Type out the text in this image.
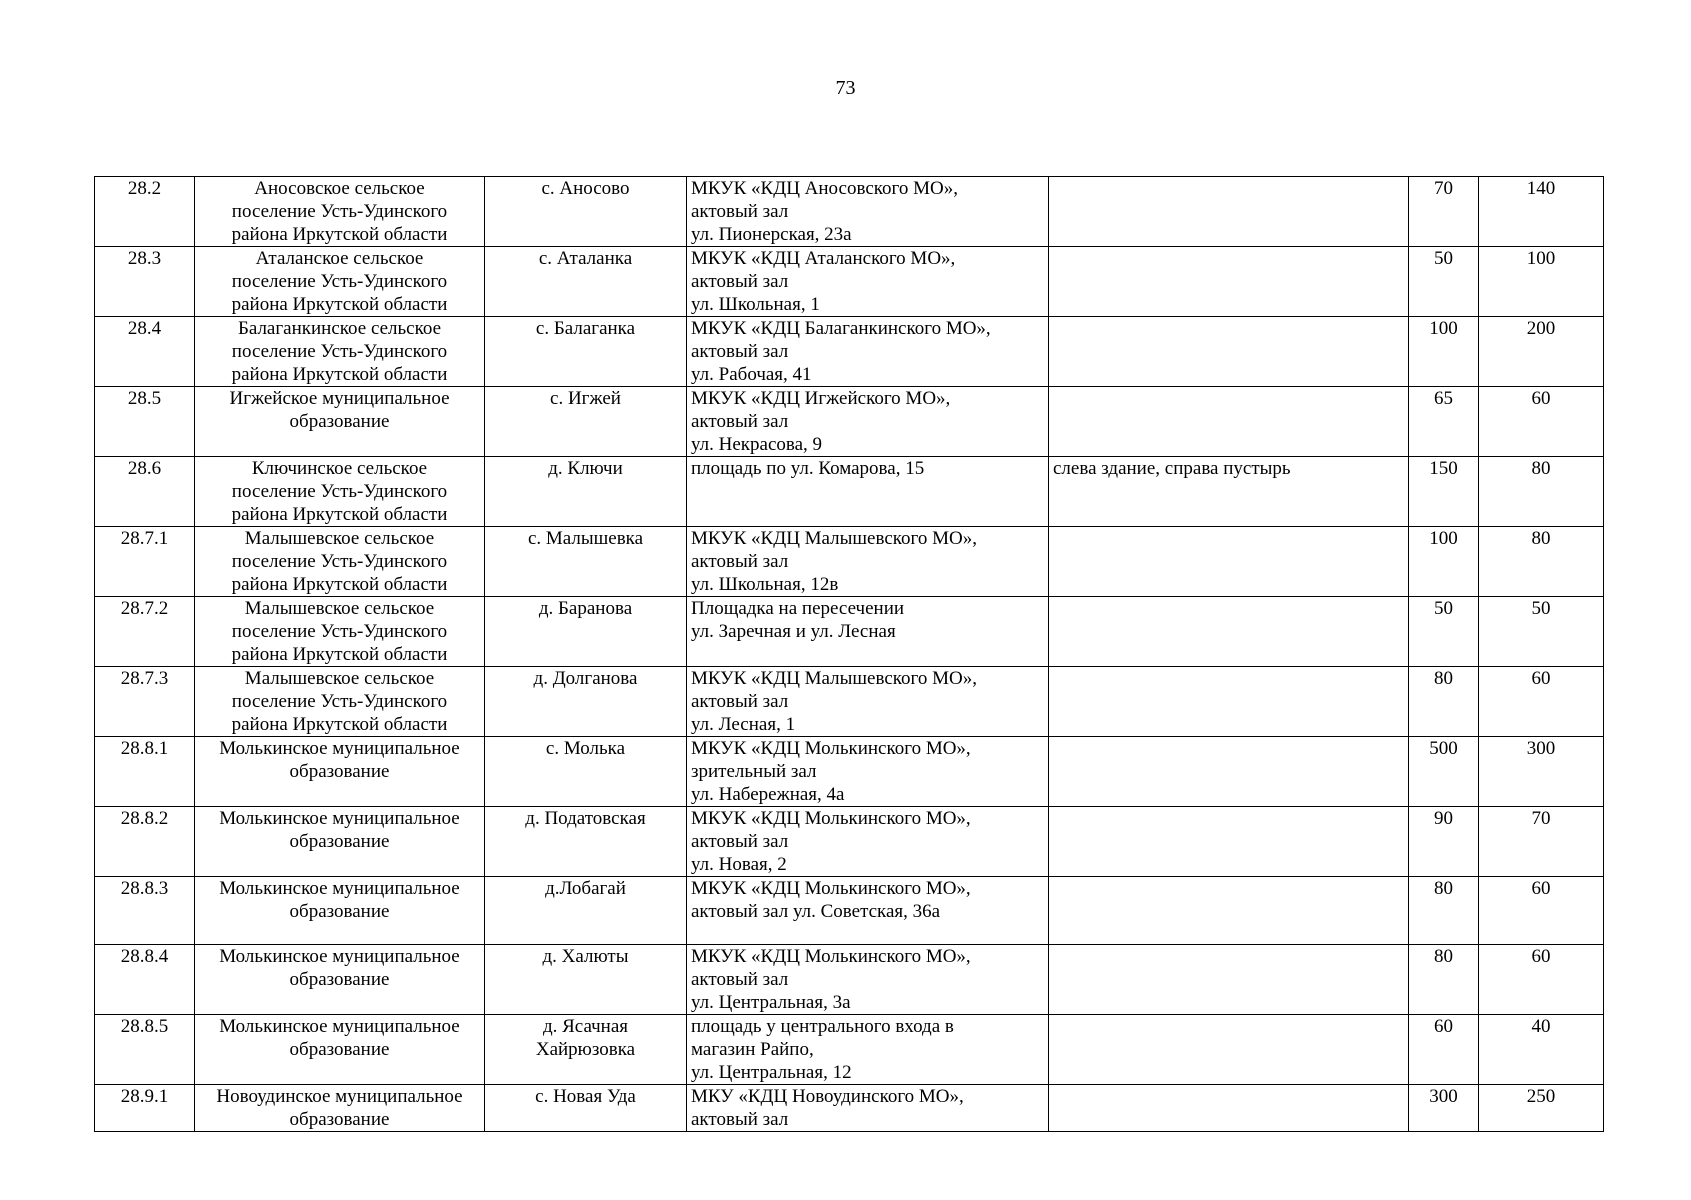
73
28.2	Аносовское сельское
поселение Усть-Удинского
района Иркутской области	с. Аносово	МКУК «КДЦ Аносовского МО»,
актовый зал
ул. Пионерская, 23а		70	140
28.3	Аталанское сельское
поселение Усть-Удинского
района Иркутской области	с. Аталанка	МКУК «КДЦ Аталанского МО»,
актовый зал
ул. Школьная, 1		50	100
28.4	Балаганкинское сельское
поселение Усть-Удинского
района Иркутской области	с. Балаганка	МКУК «КДЦ Балаганкинского МО»,
актовый зал
ул. Рабочая, 41		100	200
28.5	Игжейское муниципальное
образование	с. Игжей	МКУК «КДЦ Игжейского МО»,
актовый зал
ул. Некрасова, 9		65	60
28.6	Ключинское сельское
поселение Усть-Удинского
района Иркутской области	д. Ключи	площадь по ул. Комарова, 15	слева здание, справа пустырь	150	80
28.7.1	Малышевское сельское
поселение Усть-Удинского
района Иркутской области	с. Малышевка	МКУК «КДЦ Малышевского МО»,
актовый зал
ул. Школьная, 12в		100	80
28.7.2	Малышевское сельское
поселение Усть-Удинского
района Иркутской области	д. Баранова	Площадка на пересечении
ул. Заречная и ул. Лесная		50	50
28.7.3	Малышевское сельское
поселение Усть-Удинского
района Иркутской области	д. Долганова	МКУК «КДЦ Малышевского МО»,
актовый зал
ул. Лесная, 1		80	60
28.8.1	Молькинское муниципальное
образование	с. Молька	МКУК «КДЦ Молькинского МО»,
зрительный зал
ул. Набережная, 4а		500	300
28.8.2	Молькинское муниципальное
образование	д. Податовская	МКУК «КДЦ Молькинского МО»,
актовый зал
ул. Новая, 2		90	70
28.8.3	Молькинское муниципальное
образование	д.Лобагай	МКУК «КДЦ Молькинского МО»,
актовый зал ул. Советская, 36а		80	60
28.8.4	Молькинское муниципальное
образование	д. Халюты	МКУК «КДЦ Молькинского МО»,
актовый зал
ул. Центральная, 3а		80	60
28.8.5	Молькинское муниципальное
образование	д. Ясачная
Хайрюзовка	площадь у центрального входа в
магазин Райпо,
ул. Центральная, 12		60	40
28.9.1	Новоудинское муниципальное
образование	с. Новая Уда	МКУ «КДЦ Новоудинского МО»,
актовый зал		300	250
